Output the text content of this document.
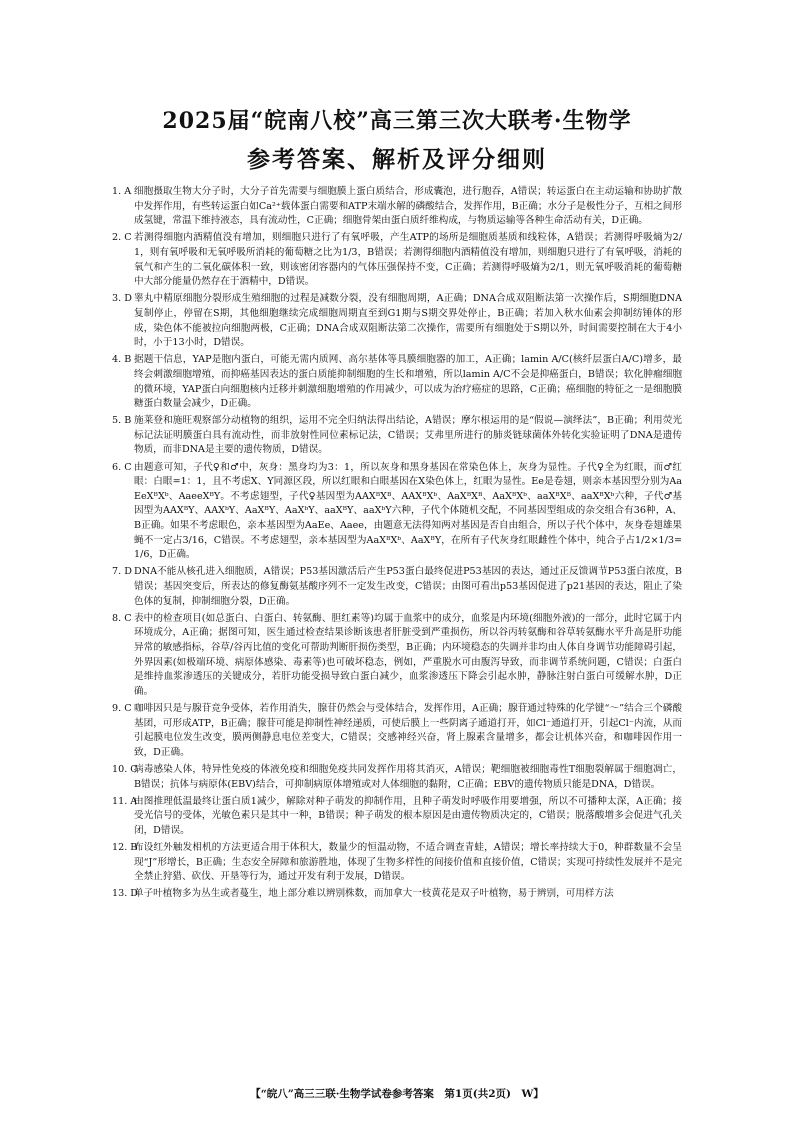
2025届“皖南八校”高三第三次大联考·生物学
参考答案、解析及评分细则
1. A 细胞摄取生物大分子时，大分子首先需要与细胞膜上蛋白质结合，形成囊泡，进行胞吞，A错误；转运蛋白在主动运输和协助扩散中发挥作用，有些转运蛋白如Ca²⁺载体蛋白需要和ATP末端水解的磷酸结合，发挥作用，B正确；水分子是极性分子，互相之间形成氢键，常温下维持液态，具有流动性，C正确；细胞骨架由蛋白质纤维构成，与物质运输等各种生命活动有关，D正确。
2. C 若测得细胞内酒精值没有增加，则细胞只进行了有氧呼吸，产生ATP的场所是细胞质基质和线粒体，A错误；若测得呼吸熵为2/1，则有氧呼吸和无氧呼吸所消耗的葡萄糖之比为1/3，B错误；若测得细胞内酒精值没有增加，则细胞只进行了有氧呼吸，消耗的氧气和产生的二氧化碳体积一致，则该密闭容器内的气体压强保持不变，C正确；若测得呼吸熵为2/1，则无氧呼吸消耗的葡萄糖中大部分能量仍然存在于酒精中，D错误。
3. D 睾丸中精原细胞分裂形成生殖细胞的过程是减数分裂，没有细胞周期，A正确；DNA合成双阻断法第一次操作后，S期细胞DNA复制停止，停留在S期，其他细胞继续完成细胞周期直至到G1期与S期交界处停止，B正确；若加入秋水仙素会抑制纺锤体的形成，染色体不能被拉向细胞两极，C正确；DNA合成双阻断法第二次操作，需要所有细胞处于S期以外，时间需要控制在大于4小时，小于13小时，D错误。
4. B 据题干信息，YAP是胞内蛋白，可能无需内质网、高尔基体等具膜细胞器的加工，A正确；lamin A/C(核纤层蛋白A/C)增多，最终会刺激细胞增殖，而抑癌基因表达的蛋白质能抑制细胞的生长和增殖，所以lamin A/C不会是抑癌蛋白，B错误；软化肿瘤细胞的微环境，YAP蛋白向细胞核内迁移并刺激细胞增殖的作用减少，可以成为治疗癌症的思路，C正确；癌细胞的特征之一是细胞膜糖蛋白数量会减少，D正确。
5. B 施莱登和施旺观察部分动植物的组织，运用不完全归纳法得出结论，A错误；摩尔根运用的是“假说—演绎法”，B正确；利用荧光标记法证明膜蛋白具有流动性，而非放射性同位素标记法，C错误；艾弗里所进行的肺炎链球菌体外转化实验证明了DNA是遗传物质，而非DNA是主要的遗传物质，D错误。
6. C 由题意可知，子代♀和♂中，灰身：黑身均为3：1，所以灰身和黑身基因在常染色体上，灰身为显性。子代♀全为红眼，而♂红眼：白眼=1：1，且不考虑X、Y同源区段，所以红眼和白眼基因在X染色体上，红眼为显性。Ee是卷翅，则亲本基因型分别为AaEeXᴮXᵇ、AaeeXᴮY。不考虑翅型，子代♀基因型为AAXᴮXᴮ、AAXᴮXᵇ、AaXᴮXᴮ、AaXᴮXᵇ、aaXᴮXᴮ、aaXᴮXᵇ六种，子代♂基因型为AAXᴮY、AAXᵇY、AaXᴮY、AaXᵇY、aaXᴮY、aaXᵇY六种，子代个体随机交配，不同基因型组成的杂交组合有36种，A、B正确。如果不考虑眼色，亲本基因型为AaEe、Aaee，由题意无法得知两对基因是否自由组合，所以子代个体中，灰身卷翅雄果蝇不一定占3/16，C错误。不考虑翅型，亲本基因型为AaXᴮXᵇ、AaXᴮY，在所有子代灰身红眼雌性个体中，纯合子占1/2×1/3=1/6，D正确。
7. D DNA不能从核孔进入细胞质，A错误；P53基因激活后产生P53蛋白最终促进P53基因的表达，通过正反馈调节P53蛋白浓度，B错误；基因突变后，所表达的修复酶氨基酸序列不一定发生改变，C错误；由图可看出p53基因促进了p21基因的表达，阻止了染色体的复制，抑制细胞分裂，D正确。
8. C 表中的检查项目(如总蛋白、白蛋白、转氨酶、胆红素等)均属于血浆中的成分，血浆是内环境(细胞外液)的一部分，此时它属于内环境成分，A正确；据图可知，医生通过检查结果诊断该患者肝脏受到严重损伤，所以谷丙转氨酶和谷草转氨酶水平升高是肝功能异常的敏感指标，谷草/谷丙比值的变化可帮助判断肝损伤类型，B正确；内环境稳态的失调并非均由人体自身调节功能障碍引起，外界因素(如极端环境、病原体感染、毒素等)也可破坏稳态，例如，严重脱水可由腹泻导致，而非调节系统问题，C错误；白蛋白是维持血浆渗透压的关键成分，若肝功能受损导致白蛋白减少，血浆渗透压下降会引起水肿，静脉注射白蛋白可缓解水肿，D正确。
9. C 咖啡因只是与腺苷竞争受体，若作用消失，腺苷仍然会与受体结合，发挥作用，A正确；腺苷通过特殊的化学键“～”结合三个磷酸基团，可形成ATP，B正确；腺苷可能是抑制性神经递质，可使后膜上一些阴离子通道打开，如Cl⁻通道打开，引起Cl⁻内流，从而引起膜电位发生改变，膜两侧静息电位差变大，C错误；交感神经兴奋，肾上腺素含量增多，都会让机体兴奋，和咖啡因作用一致，D正确。
10. C
病毒感染人体，特异性免疫的体液免疫和细胞免疫共同发挥作用将其消灭，A错误；靶细胞被细胞毒性T细胞裂解属于细胞凋亡，B错误；抗体与病原体(EBV)结合，可抑制病原体增殖或对人体细胞的黏附，C正确；EBV的遗传物质只能是DNA，D错误。
11. A
由图推理低温最终让蛋白质1减少，解除对种子萌发的抑制作用，且种子萌发时呼吸作用要增强，所以不可播种太深，A正确；接受光信号的受体，光敏色素只是其中一种，B错误；种子萌发的根本原因是由遗传物质决定的，C错误；脱落酸增多会促进气孔关闭，D错误。
12. B
布设红外触发相机的方法更适合用于体积大，数量少的恒温动物，不适合调查青蛙，A错误；增长率持续大于0，种群数量不会呈现“J”形增长，B正确；生态安全屏障和旅游胜地，体现了生物多样性的间接价值和直接价值，C错误；实现可持续性发展并不是完全禁止狩猎、砍伐、开垦等行为，通过开发有利于发展，D错误。
13. D
单子叶植物多为丛生或者蔓生，地上部分难以辨别株数，而加拿大一枝黄花是双子叶植物，易于辨别，可用样方法
【“皖八”高三三联·生物学试卷参考答案　第1页(共2页)　W】
